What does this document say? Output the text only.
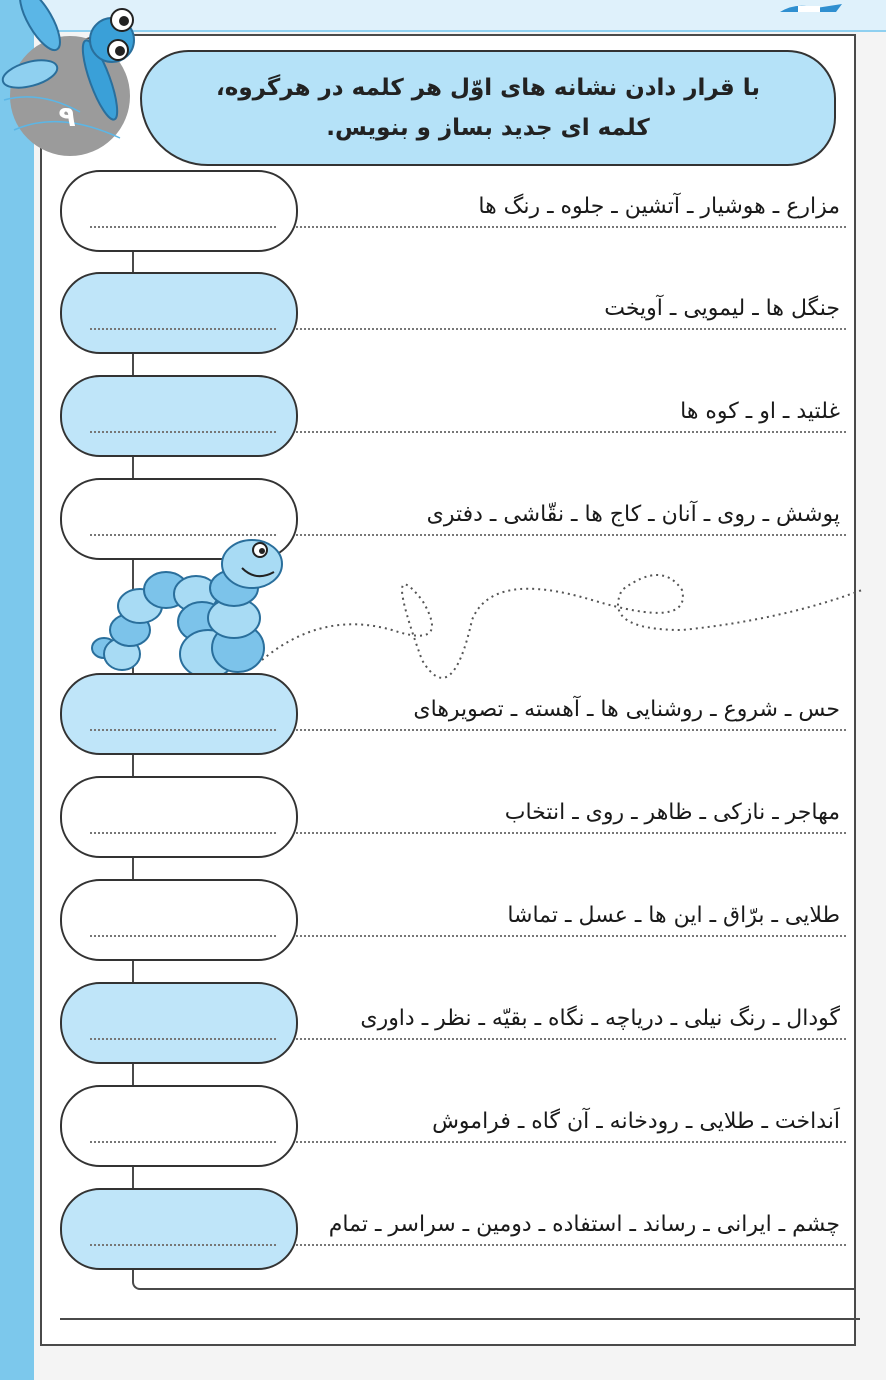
۹
با قرار دادن نشانه های اوّل هر کلمه در هرگروه،
کلمه ای جدید بساز و بنویس.
مزارع ـ هوشیار ـ آتشین ـ جلوه ـ رنگ ها
جنگل ها ـ لیمویی ـ آویخت
غلتید ـ او ـ کوه ها
پوشش ـ روی ـ آنان ـ کاج ها ـ نقّاشی ـ دفتری
حس ـ شروع ـ روشنایی ها ـ آهسته ـ تصویرهای
مهاجر ـ نازکی ـ ظاهر ـ روی ـ انتخاب
طلایی ـ برّاق ـ این ها ـ عسل ـ تماشا
گودال ـ رنگ نیلی ـ دریاچه ـ نگاه ـ بقیّه ـ نظر ـ داوری
اَنداخت ـ طلایی ـ رودخانه ـ آن گاه ـ فراموش
چشم ـ ایرانی ـ رساند ـ استفاده ـ دومین ـ سراسر ـ تمام
